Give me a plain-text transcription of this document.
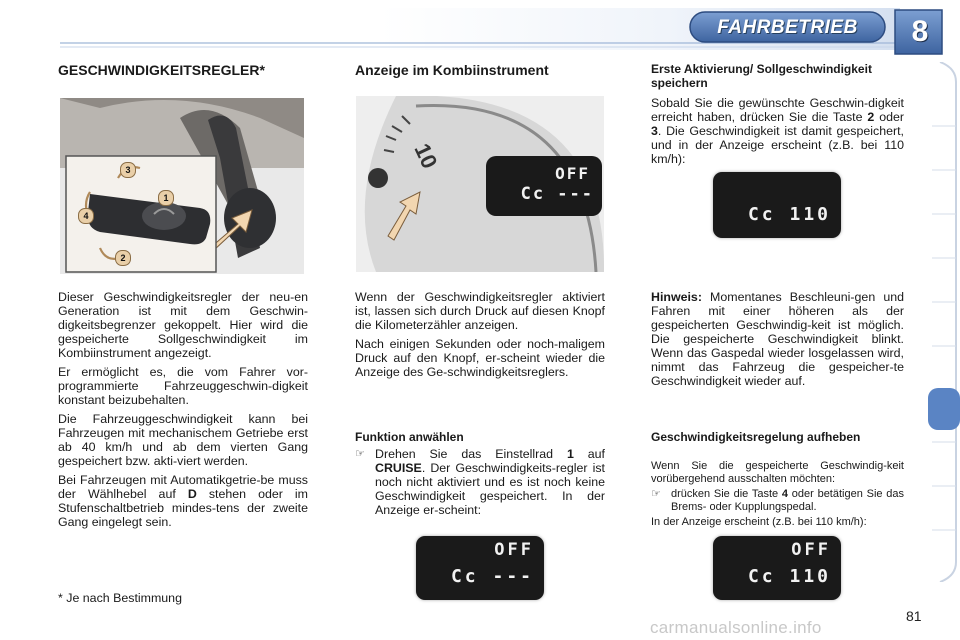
FAHRBETRIEB	8
GESCHWINDIGKEITSREGLER*
3
1
4
2

Dieser Geschwindigkeitsregler der neu-en Generation ist mit dem Geschwin-digkeitsbegrenzer gekoppelt. Hier wird die gespeicherte Sollgeschwindigkeit im Kombiinstrument angezeigt.

Er ermöglicht es, die vom Fahrer vor-programmierte Fahrzeuggeschwin-digkeit konstant beizubehalten.

Die Fahrzeuggeschwindigkeit kann bei Fahrzeugen mit mechanischem Getriebe erst ab 40 km/h und ab dem vierten Gang gespeichert bzw. akti-viert werden.

Bei Fahrzeugen mit Automatikgetrie-be muss der Wählhebel auf D stehen oder im Stufenschaltbetrieb mindes-tens der zweite Gang eingelegt sein.

* Je nach Bestimmung
Anzeige im Kombiinstrument
10
OFF
Cc ---

Wenn der Geschwindigkeitsregler aktiviert ist, lassen sich durch Druck auf diesen Knopf die Kilometerzähler anzeigen.

Nach einigen Sekunden oder noch-maligem Druck auf den Knopf, er-scheint wieder die Anzeige des Ge-schwindigkeitsreglers.

Funktion anwählen
☞ Drehen Sie das Einstellrad 1 auf CRUISE. Der Geschwindigkeits-regler ist noch nicht aktiviert und es ist noch keine Geschwindigkeit gespeichert. In der Anzeige er-scheint:
OFF
Cc ---
Erste Aktivierung/ Sollgeschwindigkeit speichern

Sobald Sie die gewünschte Geschwin-digkeit erreicht haben, drücken Sie die Taste 2 oder 3. Die Geschwindigkeit ist damit gespeichert, und in der Anzeige erscheint (z.B. bei 110 km/h):

Cc 110

Hinweis: Momentanes Beschleuni-gen und Fahren mit einer höheren als der gespeicherten Geschwindig-keit ist möglich. Die gespeicherte Geschwindigkeit blinkt. Wenn das Gaspedal wieder losgelassen wird, nimmt das Fahrzeug die gespeicher-te Geschwindigkeit wieder auf.

Geschwindigkeitsregelung aufheben
Wenn Sie die gespeicherte Geschwindig-keit vorübergehend ausschalten möchten:
☞ drücken Sie die Taste 4 oder betätigen Sie das Brems- oder Kupplungspedal.
In der Anzeige erscheint (z.B. bei 110 km/h):
OFF
Cc 110
carmanualsonline.info
81
